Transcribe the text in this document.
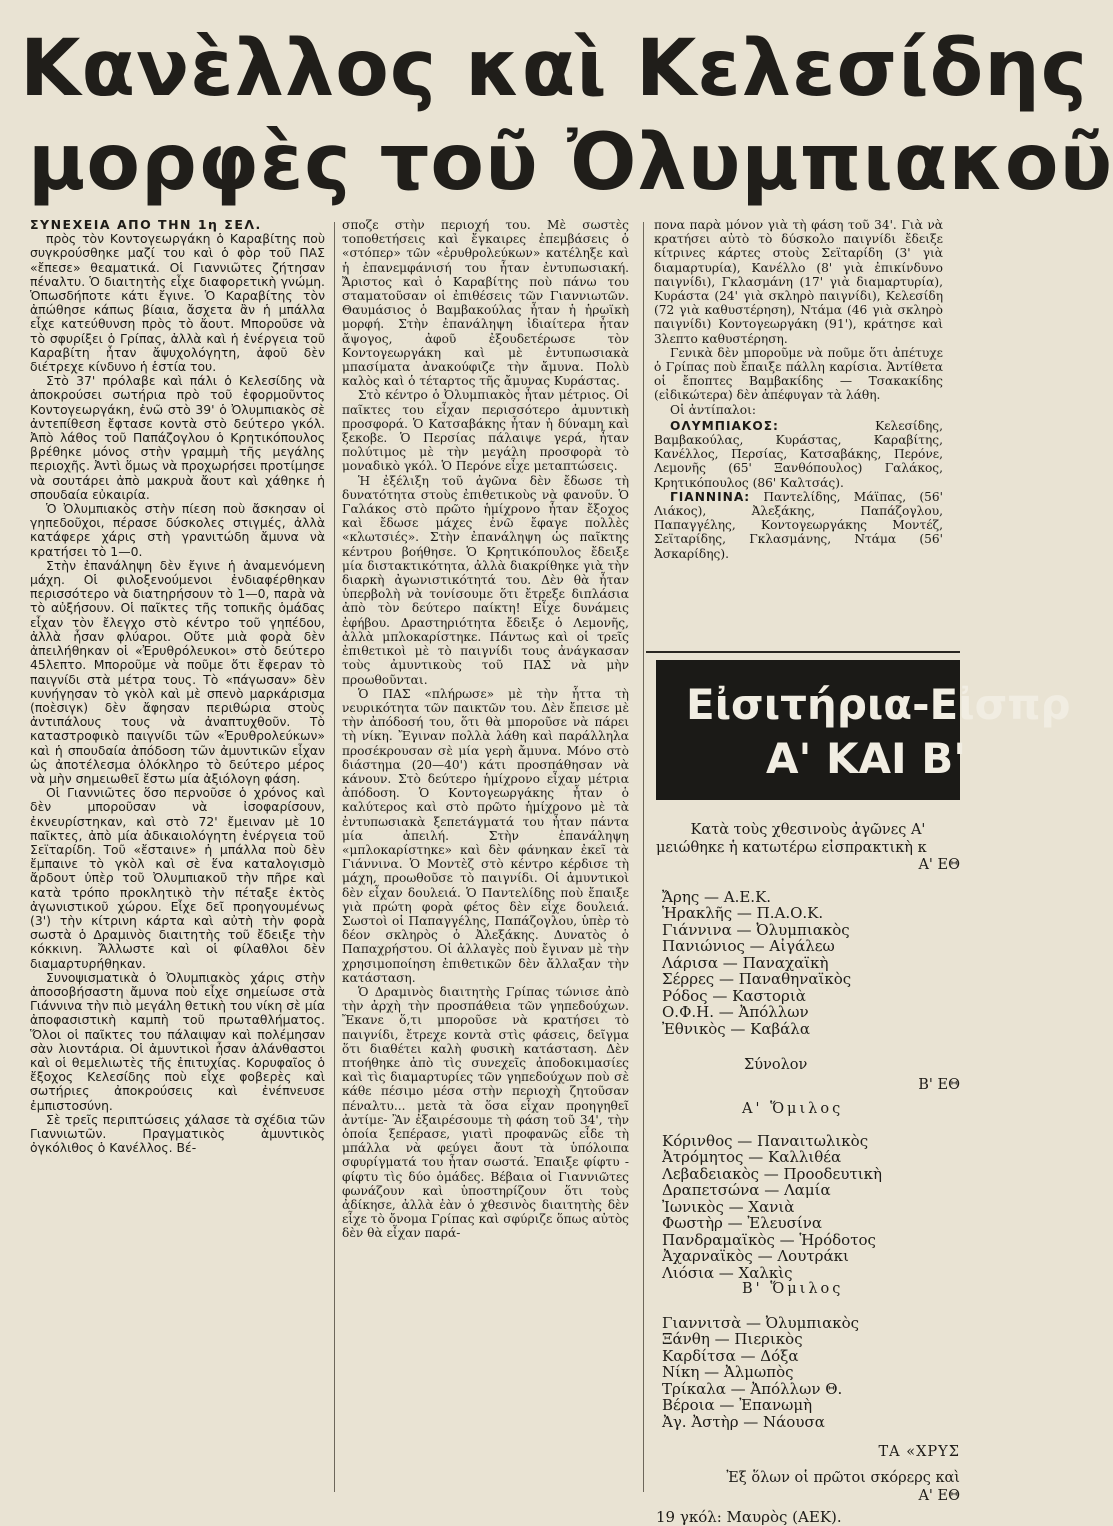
Κανὲλλος καὶ Κελεσίδης
μορφὲς τοῦ Ὀλυμπιακοῦ

ΣΥΝΕΧΕΙΑ ΑΠΟ ΤΗΝ 1η ΣΕΛ.

πρὸς τὸν Κοντογεωργάκη ὁ Καραβίτης ποὺ συγκρούσθηκε μαζί του καὶ ὁ φὸρ τοῦ ΠΑΣ «ἔπεσε» θεαματικά. Οἱ Γιαννιῶτες ζήτησαν πέναλτυ. Ὁ διαιτητὴς εἶχε διαφορετικὴ γνώμη. Ὁπωσδήποτε κάτι ἔγινε. Ὁ Καραβίτης τὸν ἀπώθησε κάπως βίαια, ἄσχετα ἂν ἡ μπάλλα εἶχε κατεύθυνση πρὸς τὸ ἄουτ. Μποροῦσε νὰ τὸ σφυρίξει ὁ Γρίπας, ἀλλὰ καὶ ἡ ἐνέργεια τοῦ Καραβίτη ἦταν ἄψυχολόγητη, ἀφοῦ δὲν διέτρεχε κίνδυνο ἡ ἑστία του.

Στὸ 37' πρόλαβε καὶ πάλι ὁ Κελεσίδης νὰ ἀποκρούσει σωτήρια πρὸ τοῦ ἐφορμοῦντος Κοντογεωργάκη, ἐνῶ στὸ 39' ὁ Ὀλυμπιακὸς σὲ ἀντεπίθεση ἔφτασε κοντὰ στὸ δεύτερο γκόλ. Ἀπὸ λάθος τοῦ Παπάζογλου ὁ Κρητικόπουλος βρέθηκε μόνος στὴν γραμμὴ τῆς μεγάλης περιοχῆς. Ἀντὶ ὅμως νὰ προχωρήσει προτίμησε νὰ σουτάρει ἀπὸ μακρυὰ ἄουτ καὶ χάθηκε ἡ σπουδαία εὐκαιρία.

Ὁ Ὀλυμπιακὸς στὴν πίεση ποὺ ἄσκησαν οἱ γηπεδοῦχοι, πέρασε δύσκολες στιγμές, ἀλλὰ κατάφερε χάρις στὴ γρανιτώδη ἄμυνα νὰ κρατήσει τὸ 1—0.

Στὴν ἐπανάληψη δὲν ἔγινε ἡ ἀναμενόμενη μάχη. Οἱ φιλοξενούμενοι ἐνδιαφέρθηκαν περισσότερο νὰ διατηρήσουν τὸ 1—0, παρὰ νὰ τὸ αὐξήσουν. Οἱ παῖκτες τῆς τοπικῆς ὁμάδας εἶχαν τὸν ἔλεγχο στὸ κέντρο τοῦ γηπέδου, ἀλλὰ ἦσαν φλύαροι. Οὔτε μιὰ φορὰ δὲν ἀπειλήθηκαν οἱ «Ἐρυθρόλευκοι» στὸ δεύτερο 45λεπτο. Μποροῦμε νὰ ποῦμε ὅτι ἔφεραν τὸ παιγνίδι στὰ μέτρα τους. Τὸ «πάγωσαν» δὲν κυνήγησαν τὸ γκὸλ καὶ μὲ σπενὸ μαρκάρισμα (ποὲσιγκ) δὲν ἄφησαν περιθώρια στοὺς ἀντιπάλους τους νὰ ἀναπτυχθοῦν. Τὸ καταστροφικὸ παιγνίδι τῶν «Ἐρυθρολεύκων» καὶ ἡ σπουδαία ἀπόδοση τῶν ἀμυντικῶν εἶχαν ὡς ἀποτέλεσμα ὁλόκληρο τὸ δεύτερο μέρος νὰ μὴν σημειωθεῖ ἔστω μία ἀξιόλογη φάση.

Οἱ Γιαννιῶτες ὅσο περνοῦσε ὁ χρόνος καὶ δὲν μποροῦσαν νὰ ἰσοφαρίσουν, ἐκνευρίστηκαν, καὶ στὸ 72' ἔμειναν μὲ 10 παῖκτες, ἀπὸ μία ἀδικαιολόγητη ἐνέργεια τοῦ Σεϊταρίδη. Τοῦ «ἔσταινε» ἡ μπάλλα ποὺ δὲν ἔμπαινε τὸ γκὸλ καὶ σὲ ἕνα καταλογισμὸ ἄρδουτ ὑπὲρ τοῦ Ὀλυμπιακοῦ τὴν πῆρε καὶ κατὰ τρόπο προκλητικὸ τὴν πέταξε ἐκτὸς ἀγωνιστικοῦ χώρου. Εἶχε δεῖ προηγουμένως (3') τὴν κίτρινη κάρτα καὶ αὐτὴ τὴν φορὰ σωστὰ ὁ Δραμινὸς διαιτητὴς τοῦ ἔδειξε τὴν κόκκινη. Ἄλλωστε καὶ οἱ φίλαθλοι δὲν διαμαρτυρήθηκαν.

Συνοψισματικὰ ὁ Ὀλυμπιακὸς χάρις στὴν ἀποσοβήσαστη ἄμυνα ποὺ εἶχε σημείωσε στὰ Γιάννινα τὴν πιὸ μεγάλη θετικὴ του νίκη σὲ μία ἀποφασιστικὴ καμπὴ τοῦ πρωταθλήματος. Ὅλοι οἱ παῖκτες του πάλαιψαν καὶ πολέμησαν σὰν λιοντάρια. Οἱ ἀμυντικοὶ ἦσαν ἀλάνθαστοι καὶ οἱ θεμελιωτὲς τῆς ἐπιτυχίας. Κορυφαῖος ὁ ἔξοχος Κελεσίδης ποὺ εἶχε φοβερὲς καὶ σωτήριες ἀποκρούσεις καὶ ἐνέπνευσε ἐμπιστοσύνη.

Σὲ τρεῖς περιπτώσεις χάλασε τὰ σχέδια τῶν Γιαννιωτῶν. Πραγματικὸς ἀμυντικὸς ὀγκόλιθος ὁ Κανέλλος. Βέ-

σποζε στὴν περιοχή του. Μὲ σωστὲς τοποθετήσεις καὶ ἔγκαιρες ἐπεμβάσεις ὁ «στόπερ» τῶν «ἐρυθρολεύκων» κατέληξε καὶ ἡ ἐπανεμφάνισή του ἦταν ἐντυπωσιακή. Ἄριστος καὶ ὁ Καραβίτης ποὺ πάνω του σταματοῦσαν οἱ ἐπιθέσεις τῶν Γιαννιωτῶν. Θαυμάσιος ὁ Βαμβακούλας ἦταν ἡ ἡρωϊκὴ μορφή. Στὴν ἐπανάληψη ἰδιαίτερα ἦταν ἄψογος, ἀφοῦ ἐξουδετέρωσε τὸν Κοντογεωργάκη καὶ μὲ ἐντυπωσιακὰ μπασίματα ἀνακούφιζε τὴν ἄμυνα. Πολὺ καλὸς καὶ ὁ τέταρτος τῆς ἄμυνας Κυράστας.

Στὸ κέντρο ὁ Ὀλυμπιακὸς ἦταν μέτριος. Οἱ παῖκτες του εἶχαν περισσότερο ἀμυντικὴ προσφορά. Ὁ Κατσαβάκης ἦταν ἡ δύναμη καὶ ξεκοβε. Ὁ Περσίας πάλαιψε γερά, ἦταν πολύτιμος μὲ τὴν μεγάλη προσφορὰ τὸ μοναδικὸ γκόλ. Ὁ Περόνε εἶχε μεταπτώσεις.

Ἡ ἐξέλιξη τοῦ ἀγῶνα δὲν ἔδωσε τὴ δυνατότητα στοὺς ἐπιθετικοὺς νὰ φανοῦν. Ὁ Γαλάκος στὸ πρῶτο ἡμίχρονο ἦταν ἔξοχος καὶ ἔδωσε μάχες ἐνῶ ἔφαγε πολλὲς «κλωτσιές». Στὴν ἐπανάληψη ὡς παῖκτης κέντρου βοήθησε. Ὁ Κρητικόπουλος ἔδειξε μία διστακτικότητα, ἀλλὰ διακρίθηκε γιὰ τὴν διαρκὴ ἀγωνιστικότητά του. Δὲν θὰ ἦταν ὑπερβολὴ νὰ τονίσουμε ὅτι ἔτρεξε διπλάσια ἀπὸ τὸν δεύτερο παίκτη! Εἶχε δυνάμεις ἐφήβου. Δραστηριότητα ἔδειξε ὁ Λεμονῆς, ἀλλὰ μπλοκαρίστηκε. Πάντως καὶ οἱ τρεῖς ἐπιθετικοὶ μὲ τὸ παιγνίδι τους ἀνάγκασαν τοὺς ἀμυντικοὺς τοῦ ΠΑΣ νὰ μὴν προωθοῦνται.

Ὁ ΠΑΣ «πλήρωσε» μὲ τὴν ἧττα τὴ νευρικότητα τῶν παικτῶν του. Δὲν ἔπεισε μὲ τὴν ἀπόδοσή του, ὅτι θὰ μποροῦσε νὰ πάρει τὴ νίκη. Ἔγιναν πολλὰ λάθη καὶ παράλληλα προσέκρουσαν σὲ μία γερὴ ἄμυνα. Μόνο στὸ διάστημα (20—40') κάτι προσπάθησαν νὰ κάνουν. Στὸ δεύτερο ἡμίχρονο εἶχαν μέτρια ἀπόδοση. Ὁ Κοντογεωργάκης ἦταν ὁ καλύτερος καὶ στὸ πρῶτο ἡμίχρονο μὲ τὰ ἐντυπωσιακὰ ξεπετάγματά του ἦταν πάντα μία ἀπειλή. Στὴν ἐπανάληψη «μπλοκαρίστηκε» καὶ δὲν φάνηκαν ἐκεῖ τὰ Γιάννινα. Ὁ Μοντὲζ στὸ κέντρο κέρδισε τὴ μάχη, προωθοῦσε τὸ παιγνίδι. Οἱ ἀμυντικοὶ δὲν εἶχαν δουλειά. Ὁ Παντελίδης ποὺ ἔπαιξε γιὰ πρώτη φορὰ φέτος δὲν εἶχε δουλειά. Σωστοὶ οἱ Παπαγγέλης, Παπάζογλου, ὑπὲρ τὸ δέον σκληρὸς ὁ Ἀλεξάκης. Δυνατὸς ὁ Παπαχρήστου. Οἱ ἀλλαγὲς ποὺ ἔγιναν μὲ τὴν χρησιμοποίηση ἐπιθετικῶν δὲν ἄλλαξαν τὴν κατάσταση.

Ὁ Δραμινὸς διαιτητὴς Γρίπας τώνισε ἀπὸ τὴν ἀρχὴ τὴν προσπάθεια τῶν γηπεδούχων. Ἔκανε ὅ,τι μποροῦσε νὰ κρατήσει τὸ παιγνίδι, ἔτρεχε κοντὰ στὶς φάσεις, δεῖγμα ὅτι διαθέτει καλὴ φυσικὴ κατάσταση. Δὲν πτοήθηκε ἀπὸ τὶς συνεχεῖς ἀποδοκιμασίες καὶ τὶς διαμαρτυρίες τῶν γηπεδούχων ποὺ σὲ κάθε πέσιμο μέσα στὴν περιοχὴ ζητοῦσαν πέναλτυ... μετὰ τὰ ὅσα εἶχαν προηγηθεῖ ἀντίμε- Ἂν ἐξαιρέσουμε τὴ φάση τοῦ 34', τὴν ὁποία ξεπέρασε, γιατὶ προφανῶς εἶδε τὴ μπάλλα νὰ φεύγει ἄουτ τὰ ὑπόλοιπα σφυρίγματά του ἦταν σωστά. Ἐπαιξε φίφτυ - φίφτυ τὶς δύο ὁμάδες. Βέβαια οἱ Γιαννιῶτες φωνάζουν καὶ ὑποστηρίζουν ὅτι τοὺς ἀδίκησε, ἀλλὰ ἐὰν ὁ χθεσινὸς διαιτητὴς δὲν εἶχε τὸ ὄνομα Γρίπας καὶ σφύριζε ὅπως αὐτὸς δὲν θὰ εἶχαν παρά-

πονα παρὰ μόνον γιὰ τὴ φάση τοῦ 34'. Γιὰ νὰ κρατήσει αὐτὸ τὸ δύσκολο παιγνίδι ἔδειξε κίτρινες κάρτες στοὺς Σεϊταρίδη (3' γιὰ διαμαρτυρία), Κανέλλο (8' γιὰ ἐπικίνδυνο παιγνίδι), Γκλασμάνη (17' γιὰ διαμαρτυρία), Κυράστα (24' γιὰ σκληρὸ παιγνίδι), Κελεσίδη (72 γιὰ καθυστέρηση), Ντάμα (46 γιὰ σκληρὸ παιγνίδι) Κοντογεωργάκη (91'), κράτησε καὶ 3λεπτο καθυστέρηση.

Γενικὰ δὲν μποροῦμε νὰ ποῦμε ὅτι ἀπέτυχε ὁ Γρίπας ποὺ ἔπαιξε πάλλη καρίσια. Ἀντίθετα οἱ ἔποπτες Βαμβακίδης — Τσακακίδης (εἰδικώτερα) δὲν ἀπέφυγαν τὰ λάθη.

Οἱ ἀντίπαλοι:

ΟΛΥΜΠΙΑΚΟΣ:	Κελεσίδης, Βαμβακούλας, Κυράστας, Καραβίτης, Κανέλλος, Περσίας, Κατσαβάκης, Περόνε, Λεμονῆς (65' Ξανθόπουλος) Γαλάκος, Κρητικόπουλος (86' Καλτσάς).

ΓΙΑΝΝΙΝΑ: Παντελίδης, Μάϊπας, (56' Λιάκος), Ἀλεξάκης, Παπάζογλου, Παπαγγέλης, Κοντογεωργάκης Μοντέζ, Σεϊταρίδης, Γκλασμάνης, Ντάμα (56' Ἀσκαρίδης).

Εἰσιτήρια-Εἰσπρ
Α' ΚΑΙ Β'
Κατὰ τοὺς χθεσινοὺς ἀγῶνες Α'
μειώθηκε ἡ κατωτέρω εἰσπρακτικὴ κ
Α' ΕΘ
Ἄρης — Α.Ε.Κ.
Ἡρακλῆς — Π.Α.Ο.Κ.
Γιάννινα — Ὀλυμπιακὸς
Πανιώνιος — Αἰγάλεω
Λάρισα — Παναχαϊκὴ
Σέρρες — Παναθηναϊκὸς
Ρόδος — Καστοριὰ
Ο.Φ.Η. — Ἀπόλλων
Ἐθνικὸς — Καβάλα
Σύνολον
Β' ΕΘ
Α' Ὅμιλος
Κόρινθος — Παναιτωλικὸς
Ἀτρόμητος — Καλλιθέα
Λεβαδειακὸς — Προοδευτικὴ
Δραπετσώνα — Λαμία
Ἰωνικὸς — Χανιὰ
Φωστὴρ — Ἐλευσίνα
Πανδραμαϊκὸς — Ἡρόδοτος
Ἀχαρναϊκὸς — Λουτράκι
Λιόσια — Χαλκὶς
Β' Ὅμιλος
Γιαννιτσὰ — Ὀλυμπιακὸς
Ξάνθη — Πιερικὸς
Καρδίτσα — Δόξα
Νίκη — Ἀλμωπὸς
Τρίκαλα — Ἀπόλλων Θ.
Βέροια — Ἐπανωμὴ
Ἀγ. Ἀστὴρ — Νάουσα
ΤΑ «ΧΡΥΣ
Ἐξ ὅλων οἱ πρῶτοι σκόρερς καὶ
Α' ΕΘ
19 γκόλ: Μαυρὸς (ΑΕΚ).
